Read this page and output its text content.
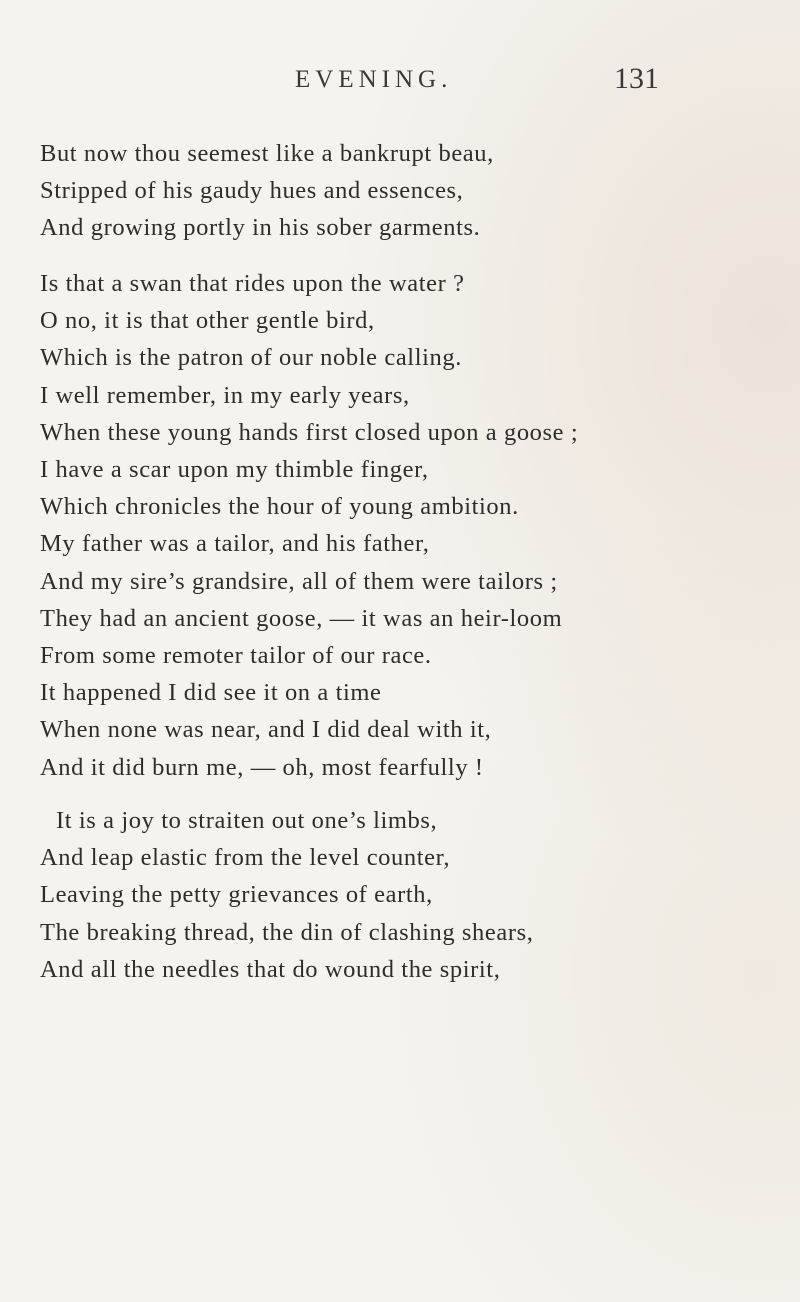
EVENING.	131
But now thou seemest like a bankrupt beau,
Stripped of his gaudy hues and essences,
And growing portly in his sober garments.
Is that a swan that rides upon the water ?
O no, it is that other gentle bird,
Which is the patron of our noble calling.
I well remember, in my early years,
When these young hands first closed upon a goose ;
I have a scar upon my thimble finger,
Which chronicles the hour of young ambition.
My father was a tailor, and his father,
And my sire’s grandsire, all of them were tailors ;
They had an ancient goose, — it was an heir-loom
From some remoter tailor of our race.
It happened I did see it on a time
When none was near, and I did deal with it,
And it did burn me, — oh, most fearfully !
It is a joy to straiten out one’s limbs,
And leap elastic from the level counter,
Leaving the petty grievances of earth,
The breaking thread, the din of clashing shears,
And all the needles that do wound the spirit,
